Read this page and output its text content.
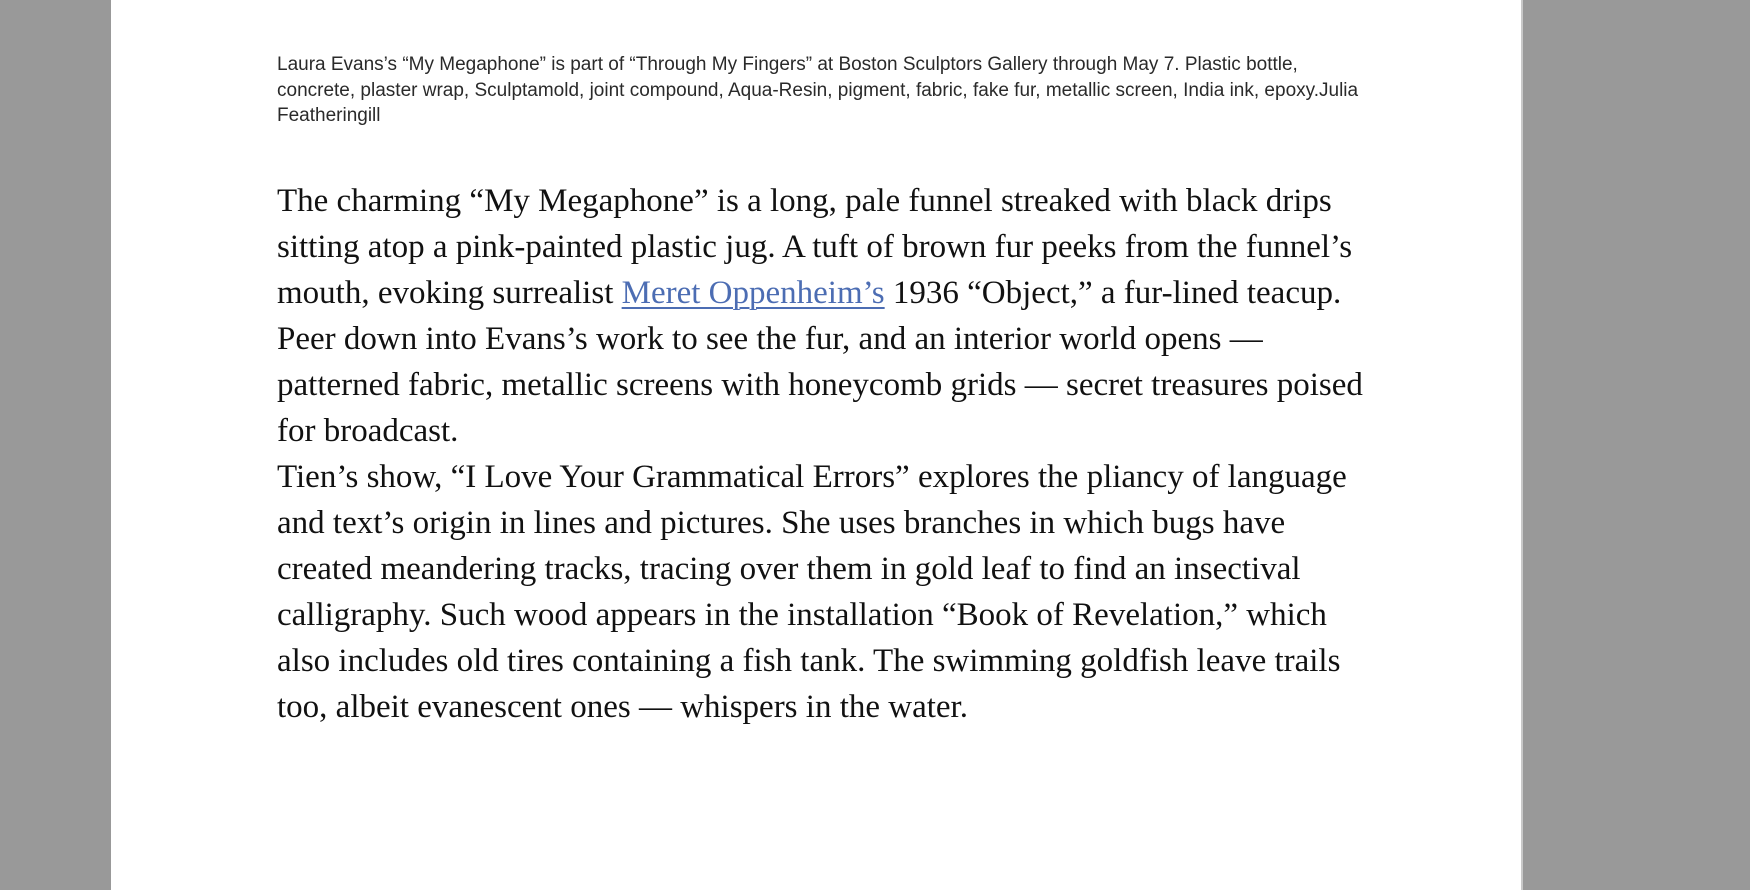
Laura Evans’s “My Megaphone” is part of “Through My Fingers” at Boston Sculptors Gallery through May 7. Plastic bottle, concrete, plaster wrap, Sculptamold, joint compound, Aqua-Resin, pigment, fabric, fake fur, metallic screen, India ink, epoxy.Julia Featheringill

The charming “My Megaphone” is a long, pale funnel streaked with black drips sitting atop a pink-painted plastic jug. A tuft of brown fur peeks from the funnel’s mouth, evoking surrealist Meret Oppenheim’s 1936 “Object,” a fur-lined teacup. Peer down into Evans’s work to see the fur, and an interior world opens — patterned fabric, metallic screens with honeycomb grids — secret treasures poised for broadcast.

Tien’s show, “I Love Your Grammatical Errors” explores the pliancy of language and text’s origin in lines and pictures. She uses branches in which bugs have created meandering tracks, tracing over them in gold leaf to find an insectival calligraphy. Such wood appears in the installation “Book of Revelation,” which also includes old tires containing a fish tank. The swimming goldfish leave trails too, albeit evanescent ones — whispers in the water.
